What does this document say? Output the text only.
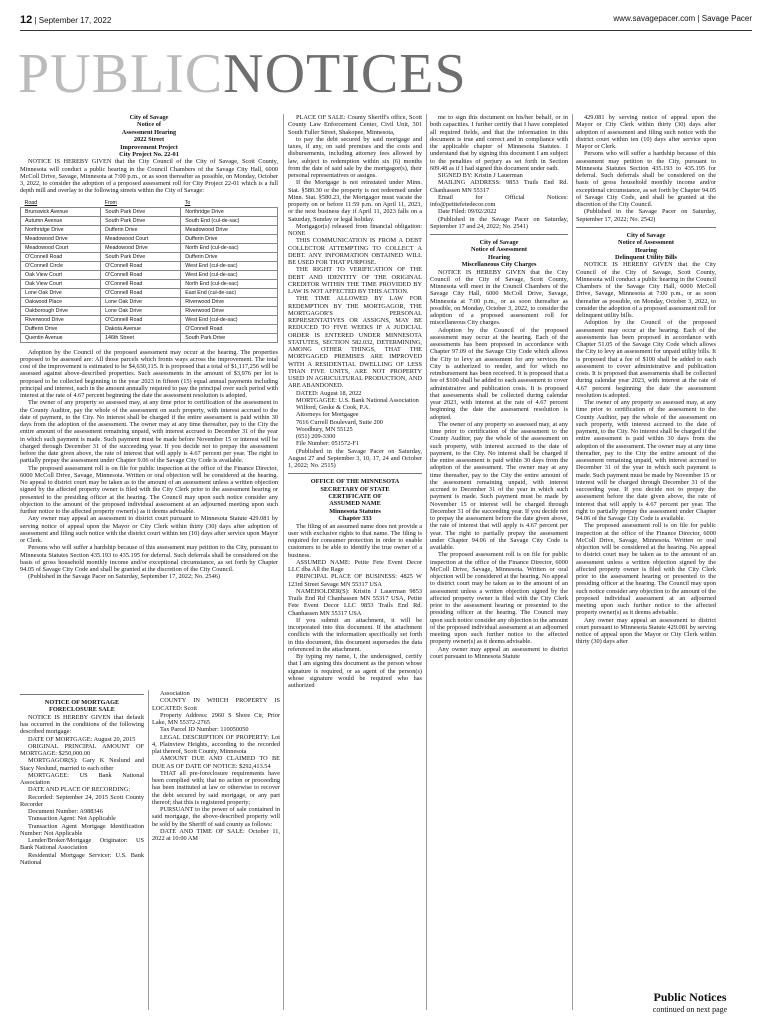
12 | September 17, 2022	www.savagepacer.com | Savage Pacer
PUBLICNOTICES
City of Savage
Notice of
Assessment Hearing
2022 Street
Improvement Project
City Project No. 22-01

NOTICE IS HEREBY GIVEN that the City Council of the City of Savage, Scott County, Minnesota will conduct a public hearing in the Council Chambers of the Savage City Hall, 6000 McColl Drive, Savage, Minnesota at 7:00 p.m., or as soon thereafter as possible, on Monday, October 3, 2022, to consider the adoption of a proposed assessment roll for City Project 22-01 which is a full depth mill and overlay to the following streets within the City of Savage:

Road	From	To
Brunswick Avenue	South Park Drive	Northridge Drive
Autumn Avenue	South Park Drive	South End (cul-de-sac)
Northridge Drive	Dufferin Drive	Meadowood Drive
Meadowood Drive	Meadowood Court	Dufferin Drive
Meadowood Court	Meadowood Drive	North End (cul-de-sac)
O'Connell Road	South Park Drive	Dufferin Drive
O'Connell Circle	O'Connell Road	West End (cul-de-sac)
Oak View Court	O'Connell Road	West End (cul-de-sac)
Oak View Court	O'Connell Road	North End (cul-de-sac)
Lone Oak Drive	O'Connell Road	East End (cul-de-sac)
Oakwood Place	Lone Oak Drive	Riverwood Drive
Oakborough Drive	Lone Oak Drive	Riverwood Drive
Riverwood Drive	O'Connell Road	West End (cul-de-sac)
Dufferin Drive	Dakota Avenue	O'Connell Road
Quentin Avenue	146th Street	South Park Drive

Adoption by the Council of the proposed assessment may occur at the hearing. The properties proposed to be assessed are: All those parcels which fronts ways across the improvement. The total cost of the improvement is estimated to be $4,630,115. It is proposed that a total of $1,117,256 will be assessed against above-described properties. Such assessments in the amount of $3,976 per lot is proposed to be collected beginning in the year 2023 in fifteen (15) equal annual payments including principal and interest, each in the amount annually required to pay the principal over such period with interest at the rate of 4.67 percent beginning the date the assessment resolution is adopted.

The owner of any property so assessed may, at any time prior to certification of the assessment to the County Auditor, pay the whole of the assessment on such property, with interest accrued to the date of payment, to the City. No interest shall be charged if the entire assessment is paid within 30 days from the adoption of the assessment. The owner may at any time thereafter, pay to the City the entire amount of the assessment remaining unpaid, with interest accrued to December 31 of the year in which such payment is made. Such payment must be made before November 15 or interest will be charged through December 31 of the succeeding year. If you decide not to prepay the assessment before the date given above, the rate of interest that will apply is 4.67 percent per year. The right to partially prepay the assessment under Chapter 9.06 of the Savage City Code is available.

The proposed assessment roll is on file for public inspection at the office of the Finance Director, 6000 McColl Drive, Savage, Minnesota. Written or oral objection will be considered at the hearing. No appeal to district court may be taken as to the amount of an assessment unless a written objection signed by the affected property owner is filed with the City Clerk prior to the assessment hearing or presented to the presiding officer at the hearing. The Council may upon such notice consider any objection to the amount of the proposed individual assessment at an adjourned meeting upon such further notice to the affected property owner(s) as it deems advisable.

Any owner may appeal an assessment to district court pursuant to Minnesota Statute 429.081 by serving notice of appeal upon the Mayor or City Clerk within thirty (30) days after adoption of assessment and filing such notice with the district court within ten (10) days after service upon Mayor or Clerk.

Persons who will suffer a hardship because of this assessment may petition to the City, pursuant to Minnesota Statutes Section 435.193 to 435.195 for deferral. Such deferrals shall be considered on the basis of gross household monthly income and/or exceptional circumstance, as set forth by Chapter 94.05 of Savage City Code and shall be granted at the discretion of the City Council.

(Published in the Savage Pacer on Saturday, September 17, 2022; No. 2546)

NOTICE OF MORTGAGE
FORECLOSURE SALE

NOTICE IS HEREBY GIVEN that default has occurred in the conditions of the following described mortgage:

DATE OF MORTGAGE: August 20, 2015

ORIGINAL PRINCIPAL AMOUNT OF MORTGAGE: $250,000.00

MORTGAGOR(S): Gary K Neslund and Stacy Neslund, married to each other

MORTGAGEE: US Bank National Association

DATE AND PLACE OF RECORDING:

Recorded: September 24, 2015 Scott County Recorder

Document Number: A988346

Transaction Agent: Not Applicable

Transaction Agent Mortgage Identification Number: Not Applicable

Lender/Broker/Mortgage Originator: US Bank National Association

Residential Mortgage Servicer: U.S. Bank National

Association

COUNTY IN WHICH PROPERTY IS LOCATED: Scott

Property Address: 2960 S Shore Cir, Prior Lake, MN 55372-2765

Tax Parcel ID Number: 110050050

LEGAL DESCRIPTION OF PROPERTY: Lot 4, Plainview Heights, according to the recorded plat thereof, Scott County, Minnesota

AMOUNT DUE AND CLAIMED TO BE DUE AS OF DATE OF NOTICE: $292,413.54

THAT all pre-foreclosure requirements have been complied with; that no action or proceeding has been instituted at law or otherwise to recover the debt secured by said mortgage, or any part thereof; that this is registered property;

PURSUANT to the power of sale contained in said mortgage, the above-described property will be sold by the Sheriff of said county as follows:

DATE AND TIME OF SALE: October 11, 2022 at 10:00 AM

PLACE OF SALE: County Sheriff's office, Scott County Law Enforcement Center, Civil Unit, 301 South Fuller Street, Shakopee, Minnesota,

to pay the debt secured by said mortgage and taxes, if any, on said premises and the costs and disbursements, including attorney fees allowed by law, subject to redemption within six (6) months from the date of said sale by the mortgagor(s), their personal representatives or assigns.

If the Mortgage is not reinstated under Minn. Stat. §580.30 or the property is not redeemed under Minn. Stat. §580.23, the Mortgagor must vacate the property on or before 11:59 p.m. on April 11, 2023, or the next business day if April 11, 2023 falls on a Saturday, Sunday or legal holiday.

Mortgagor(s) released from financial obligation: NONE

THIS COMMUNICATION IS FROM A DEBT COLLECTOR ATTEMPTING TO COLLECT A DEBT. ANY INFORMATION OBTAINED WILL BE USED FOR THAT PURPOSE.

THE RIGHT TO VERIFICATION OF THE DEBT AND IDENTITY OF THE ORIGINAL CREDITOR WITHIN THE TIME PROVIDED BY LAW IS NOT AFFECTED BY THIS ACTION.

THE TIME ALLOWED BY LAW FOR REDEMPTION BY THE MORTGAGOR, THE MORTGAGOR'S PERSONAL REPRESENTATIVES OR ASSIGNS, MAY BE REDUCED TO FIVE WEEKS IF A JUDICIAL ORDER IS ENTERED UNDER MINNESOTA STATUTES, SECTION 582.032, DETERMINING, AMONG OTHER THINGS, THAT THE MORTGAGED PREMISES ARE IMPROVED WITH A RESIDENTIAL DWELLING OF LESS THAN FIVE UNITS, ARE NOT PROPERTY USED IN AGRICULTURAL PRODUCTION, AND ARE ABANDONED.

DATED: August 18, 2022

MORTGAGEE: U.S. Bank National Association

Wilford, Geske & Cook, P.A.

Attorneys for Mortgagee

7616 Currell Boulevard, Suite 200

Woodbury, MN 55125

(651) 209-3300

File Number: 051572-F1

(Published in the Savage Pacer on Saturday, August 27 and September 3, 10, 17, 24 and October 1, 2022; No. 2515)

OFFICE OF THE MINNESOTA
SECRETARY OF STATE
CERTIFICATE OF
ASSUMED NAME
Minnesota Statutes
Chapter 333

The filing of an assumed name does not provide a user with exclusive rights to that name. The filing is required for consumer protection in order to enable customers to be able to identify the true owner of a business.

ASSUMED NAME: Petite Fete Event Decor LLC dba All the Rage

PRINCIPAL PLACE OF BUSINESS: 4825 W 123rd Street Savage MN 55317 USA

NAMEHOLDER(S): Kristin J Lauerman 9853 Trails End Rd Chanhassen MN 55317 USA, Petite Fete Event Decor LLC 9853 Trails End Rd. Chanhassen MN 55317 USA

If you submit an attachment, it will be incorporated into this document. If the attachment conflicts with the information specifically set forth in this document, this document supersedes the data referenced in the attachment.

By typing my name, I, the undersigned, certify that I am signing this document as the person whose signature is required, or as agent of the person(s) whose signature would be required who has authorized

me to sign this document on his/her behalf, or in both capacities. I further certify that I have completed all required fields, and that the information in this document is true and correct and in compliance with the applicable chapter of Minnesota Statutes. I understand that by signing this document I am subject to the penalties of perjury as set forth in Section 609.48 as if I had signed this document under oath.

SIGNED BY: Kristin J Lauerman

MAILING ADDRESS: 9853 Trails End Rd. Chanhassen MN 55317

Email for Official Notices: info@petitefetedecor.com

Date Filed: 09/02/2022

(Published in the Savage Pacer on Saturday, September 17 and 24, 2022; No. 2541)

City of Savage
Notice of Assessment
Hearing
Miscellaneous City Charges

NOTICE IS HEREBY GIVEN that the City Council of the City of Savage, Scott County, Minnesota will meet in the Council Chambers of the Savage City Hall, 6000 McColl Drive, Savage, Minnesota at 7:00 p.m., or as soon thereafter as possible, on Monday, October 3, 2022, to consider the adoption of a proposed assessment roll for miscellaneous City charges.

Adoption by the Council of the proposed assessment may occur at the hearing. Each of the assessments has been proposed in accordance with Chapter 97.09 of the Savage City Code which allows the City to levy an assessment for any services the City is authorized to render, and for which no reimbursement has been received. It is proposed that a fee of $100 shall be added to each assessment to cover administrative and publication costs. It is proposed that assessments shall be collected during calendar year 2023, with interest at the rate of 4.67 percent beginning the date the assessment resolution is adopted.

The owner of any property so assessed may, at any time prior to certification of the assessment to the County Auditor, pay the whole of the assessment on such property, with interest accrued to the date of payment, to the City. No interest shall be charged if the entire assessment is paid within 30 days from the adoption of the assessment. The owner may at any time thereafter, pay to the City the entire amount of the assessment remaining unpaid, with interest accrued to December 31 of the year in which such payment is made. Such payment must be made by November 15 or interest will be charged through December 31 of the succeeding year. If you decide not to prepay the assessment before the date given above, the rate of interest that will apply is 4.67 percent per year. The right to partially prepay the assessment under Chapter 94.06 of the Savage City Code is available.

The proposed assessment roll is on file for public inspection at the office of the Finance Director, 6000 McColl Drive, Savage, Minnesota. Written or oral objection will be considered at the hearing. No appeal to district court may be taken as to the amount of an assessment unless a written objection signed by the affected property owner is filed with the City Clerk prior to the assessment hearing or presented to the presiding officer at the hearing. The Council may upon such notice consider any objection to the amount of the proposed individual assessment at an adjourned meeting upon such further notice to the affected property owner(s) as it deems advisable.

Any owner may appeal an assessment to district court pursuant to Minnesota Statute

429.081 by serving notice of appeal upon the Mayor or City Clerk within thirty (30) days after adoption of assessment and filing such notice with the district court within ten (10) days after service upon Mayor or Clerk.

Persons who will suffer a hardship because of this assessment may petition to the City, pursuant to Minnesota Statutes Section 435.193 to 435.195 for deferral. Such deferrals shall be considered on the basis of gross household monthly income and/or exceptional circumstance, as set forth by Chapter 94.05 of Savage City Code, and shall be granted at the discretion of the City Council.

(Published in the Savage Pacer on Saturday, September 17, 2022; No. 2542)

City of Savage
Notice of Assessment
Hearing
Delinquent Utility Bills

NOTICE IS HEREBY GIVEN that the City Council of the City of Savage, Scott County, Minnesota will conduct a public hearing in the Council Chambers of the Savage City Hall, 6000 McColl Drive, Savage, Minnesota at 7:00 p.m., or as soon thereafter as possible, on Monday, October 3, 2022, to consider the adoption of a proposed assessment roll for delinquent utility bills.

Adoption by the Council of the proposed assessment may occur at the hearing. Each of the assessments has been proposed in accordance with Chapter 51.05 of the Savage City Code which allows the City to levy an assessment for unpaid utility bills. It is proposed that a fee of $100 shall be added to each assessment to cover administrative and publication costs. It is proposed that assessments shall be collected during calendar year 2023, with interest at the rate of 4.67 percent beginning the date the assessment resolution is adopted.

The owner of any property so assessed may, at any time prior to certification of the assessment to the County Auditor, pay the whole of the assessment on such property, with interest accrued to the date of payment, to the City. No interest shall be charged if the entire assessment is paid within 30 days from the adoption of the assessment. The owner may at any time thereafter, pay to the City the entire amount of the assessment remaining unpaid, with interest accrued to December 31 of the year in which such payment is made. Such payment must be made by November 15 or interest will be charged through December 31 of the succeeding year. If you decide not to prepay the assessment before the date given above, the rate of interest that will apply is 4.67 percent per year. The right to partially prepay the assessment under Chapter 94.06 of the Savage City Code is available.

The proposed assessment roll is on file for public inspection at the office of the Finance Director, 6000 McColl Drive, Savage, Minnesota. Written or oral objection will be considered at the hearing. No appeal to district court may be taken as to the amount of an assessment unless a written objection signed by the affected property owner is filed with the City Clerk prior to the assessment hearing or presented to the presiding officer at the hearing. The Council may upon such notice consider any objection to the amount of the proposed individual assessment at an adjourned meeting upon such further notice to the affected property owner(s) as it deems advisable.

Any owner may appeal an assessment to district court pursuant to Minnesota Statute 429.081 by serving notice of appeal upon the Mayor or City Clerk within thirty (30) days after

Public Notices
continued on next page
